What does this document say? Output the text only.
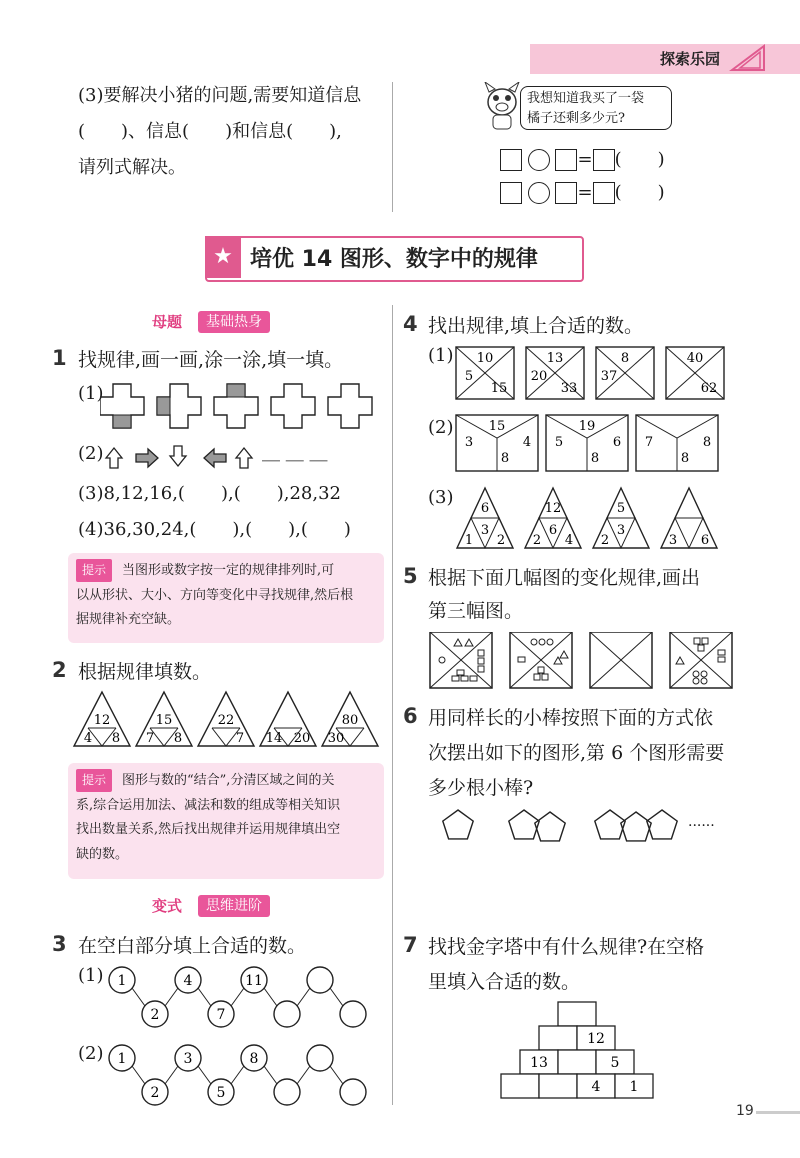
探索乐园
(3)要解决小猪的问题,需要知道信息
(　　)、信息(　　)和信息(　　),
请列式解决。
我想知道我买了一袋
橘子还剩多少元?
= (　　)
= (　　)
★ 培优 14 图形、数字中的规律
母题	基础热身
1 找规律,画一画,涂一涂,填一填。
(1)
(2)	＿ ＿ ＿
(3)8,12,16,(　　),(　　),28,32
(4)36,30,24,(　　),(　　),(　　)
提示 当图形或数字按一定的规律排列时,可
以从形状、大小、方向等变化中寻找规律,然后根
据规律补充空缺。
2 根据规律填数。
12
4 8
15
7 8
22
7 14 20
80
30
提示 图形与数的“结合”,分清区域之间的关
系,综合运用加法、减法和数的组成等相关知识
找出数量关系,然后找出规律并运用规律填出空
缺的数。
变式	思维进阶
3 在空白部分填上合适的数。
(1) 1	4	11
2	7
(2) 1	3	8
2	5
4 找出规律,填上合适的数。
(1) 10
5
15
13
20
33
8
37
40
62
(2)	15
3	4
8
19
5	6
8
7	8
8
(3)
6
1
3
2
12
2
6
4
5
2
3
3 6
5 根据下面几幅图的变化规律,画出
第三幅图。
6 用同样长的小棒按照下面的方式依
次摆出如下的图形,第 6 个图形需要
多少根小棒?
......
7 找找金字塔中有什么规律?在空格
里填入合适的数。
12
13	5
4 1
19
